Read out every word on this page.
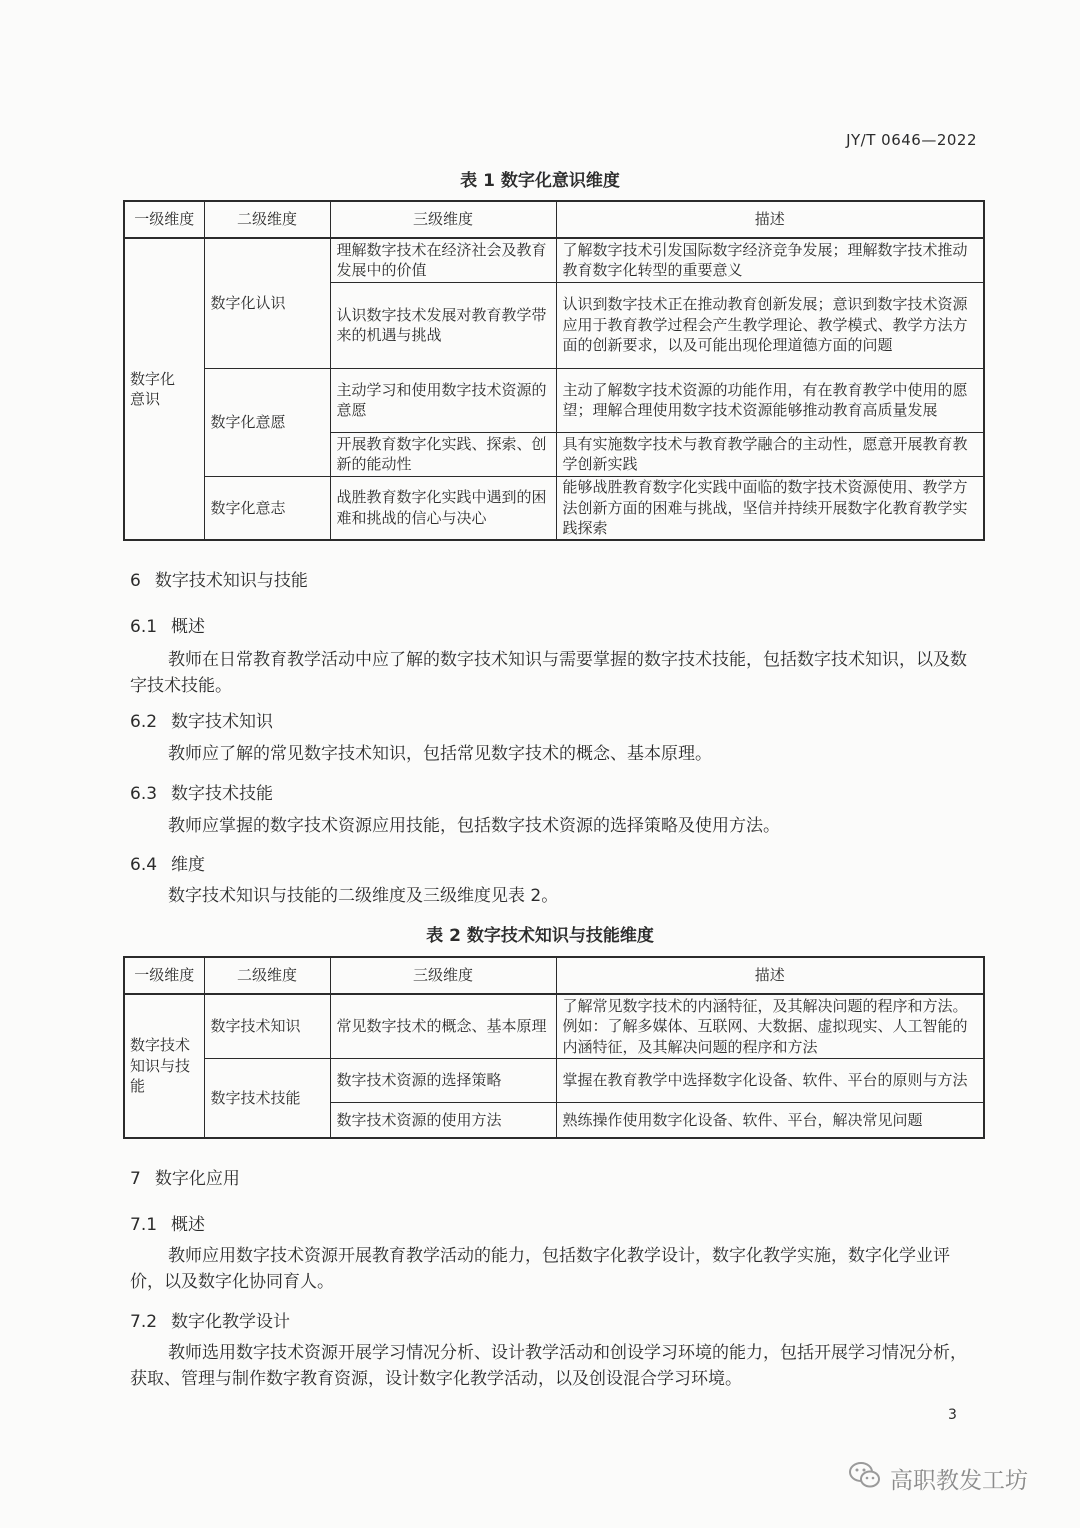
JY/T 0646—2022
表 1 数字化意识维度
一级维度	二级维度	三级维度	描述
数字化意识	数字化认识	理解数字技术在经济社会及教育发展中的价值	了解数字技术引发国际数字经济竞争发展；理解数字技术推动教育数字化转型的重要意义
		认识数字技术发展对教育教学带来的机遇与挑战	认识到数字技术正在推动教育创新发展；意识到数字技术资源应用于教育教学过程会产生教学理论、教学模式、教学方法方面的创新要求，以及可能出现伦理道德方面的问题
	数字化意愿	主动学习和使用数字技术资源的意愿	主动了解数字技术资源的功能作用，有在教育教学中使用的愿望；理解合理使用数字技术资源能够推动教育高质量发展
		开展教育数字化实践、探索、创新的能动性	具有实施数字技术与教育教学融合的主动性，愿意开展教育教学创新实践
	数字化意志	战胜教育数字化实践中遇到的困难和挑战的信心与决心	能够战胜教育数字化实践中面临的数字技术资源使用、教学方法创新方面的困难与挑战，坚信并持续开展数字化教育教学实践探索
6 数字技术知识与技能
6.1 概述

教师在日常教育教学活动中应了解的数字技术知识与需要掌握的数字技术技能，包括数字技术知识，以及数字技术技能。

6.2 数字技术知识

教师应了解的常见数字技术知识，包括常见数字技术的概念、基本原理。

6.3 数字技术技能

教师应掌握的数字技术资源应用技能，包括数字技术资源的选择策略及使用方法。

6.4 维度

数字技术知识与技能的二级维度及三级维度见表 2。

表 2 数字技术知识与技能维度
一级维度	二级维度	三级维度	描述
数字技术知识与技能	数字技术知识	常见数字技术的概念、基本原理	了解常见数字技术的内涵特征，及其解决问题的程序和方法。例如：了解多媒体、互联网、大数据、虚拟现实、人工智能的内涵特征，及其解决问题的程序和方法
	数字技术技能	数字技术资源的选择策略	掌握在教育教学中选择数字化设备、软件、平台的原则与方法
		数字技术资源的使用方法	熟练操作使用数字化设备、软件、平台，解决常见问题
7 数字化应用
7.1 概述

教师应用数字技术资源开展教育教学活动的能力，包括数字化教学设计，数字化教学实施，数字化学业评价，以及数字化协同育人。

7.2 数字化教学设计

教师选用数字技术资源开展学习情况分析、设计教学活动和创设学习环境的能力，包括开展学习情况分析，获取、管理与制作数字教育资源，设计数字化教学活动，以及创设混合学习环境。

3
高职教发工坊
